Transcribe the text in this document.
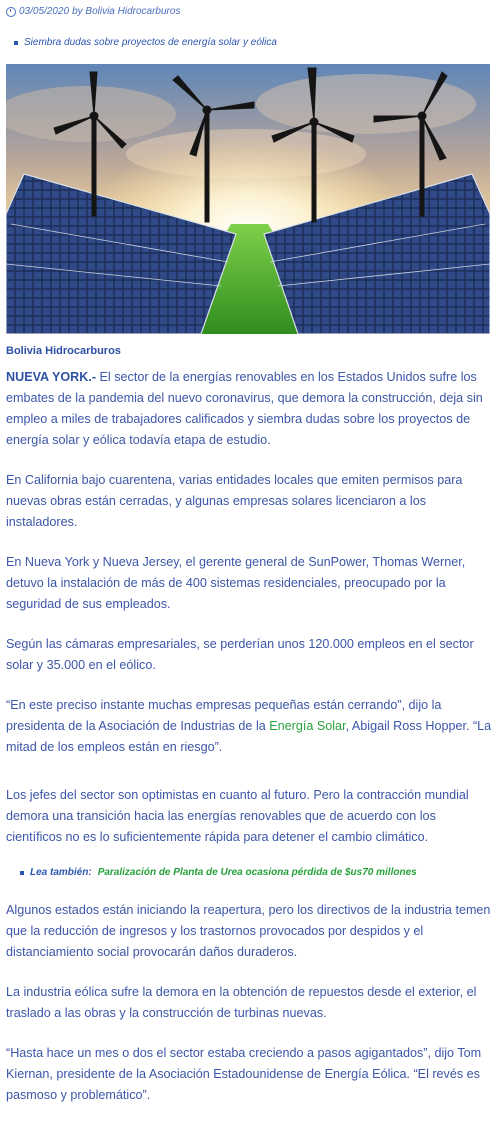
03/05/2020 by Bolivia Hidrocarburos
Siembra dudas sobre proyectos de energía solar y eólica
Bolivia Hidrocarburos

NUEVA YORK.- El sector de la energías renovables en los Estados Unidos sufre los embates de la pandemia del nuevo coronavirus, que demora la construcción, deja sin empleo a miles de trabajadores calificados y siembra dudas sobre los proyectos de energía solar y eólica todavía etapa de estudio.

En California bajo cuarentena, varias entidades locales que emiten permisos para nuevas obras están cerradas, y algunas empresas solares licenciaron a los instaladores.

En Nueva York y Nueva Jersey, el gerente general de SunPower, Thomas Werner, detuvo la instalación de más de 400 sistemas residenciales, preocupado por la seguridad de sus empleados.

Según las cámaras empresariales, se perderían unos 120.000 empleos en el sector solar y 35.000 en el eólico.

“En este preciso instante muchas empresas pequeñas están cerrando”, dijo la presidenta de la Asociación de Industrias de la Energía Solar, Abigail Ross Hopper. “La mitad de los empleos están en riesgo”.

Los jefes del sector son optimistas en cuanto al futuro. Pero la contracción mundial demora una transición hacia las energías renovables que de acuerdo con los científicos no es lo suficientemente rápida para detener el cambio climático.

Lea también: Paralización de Planta de Urea ocasiona pérdida de $us70 millones

Algunos estados están iniciando la reapertura, pero los directivos de la industria temen que la reducción de ingresos y los trastornos provocados por despidos y el distanciamiento social provocarán daños duraderos.

La industria eólica sufre la demora en la obtención de repuestos desde el exterior, el traslado a las obras y la construcción de turbinas nuevas.

“Hasta hace un mes o dos el sector estaba creciendo a pasos agigantados”, dijo Tom Kiernan, presidente de la Asociación Estadounidense de Energía Eólica. “El revés es pasmoso y problemático”.
